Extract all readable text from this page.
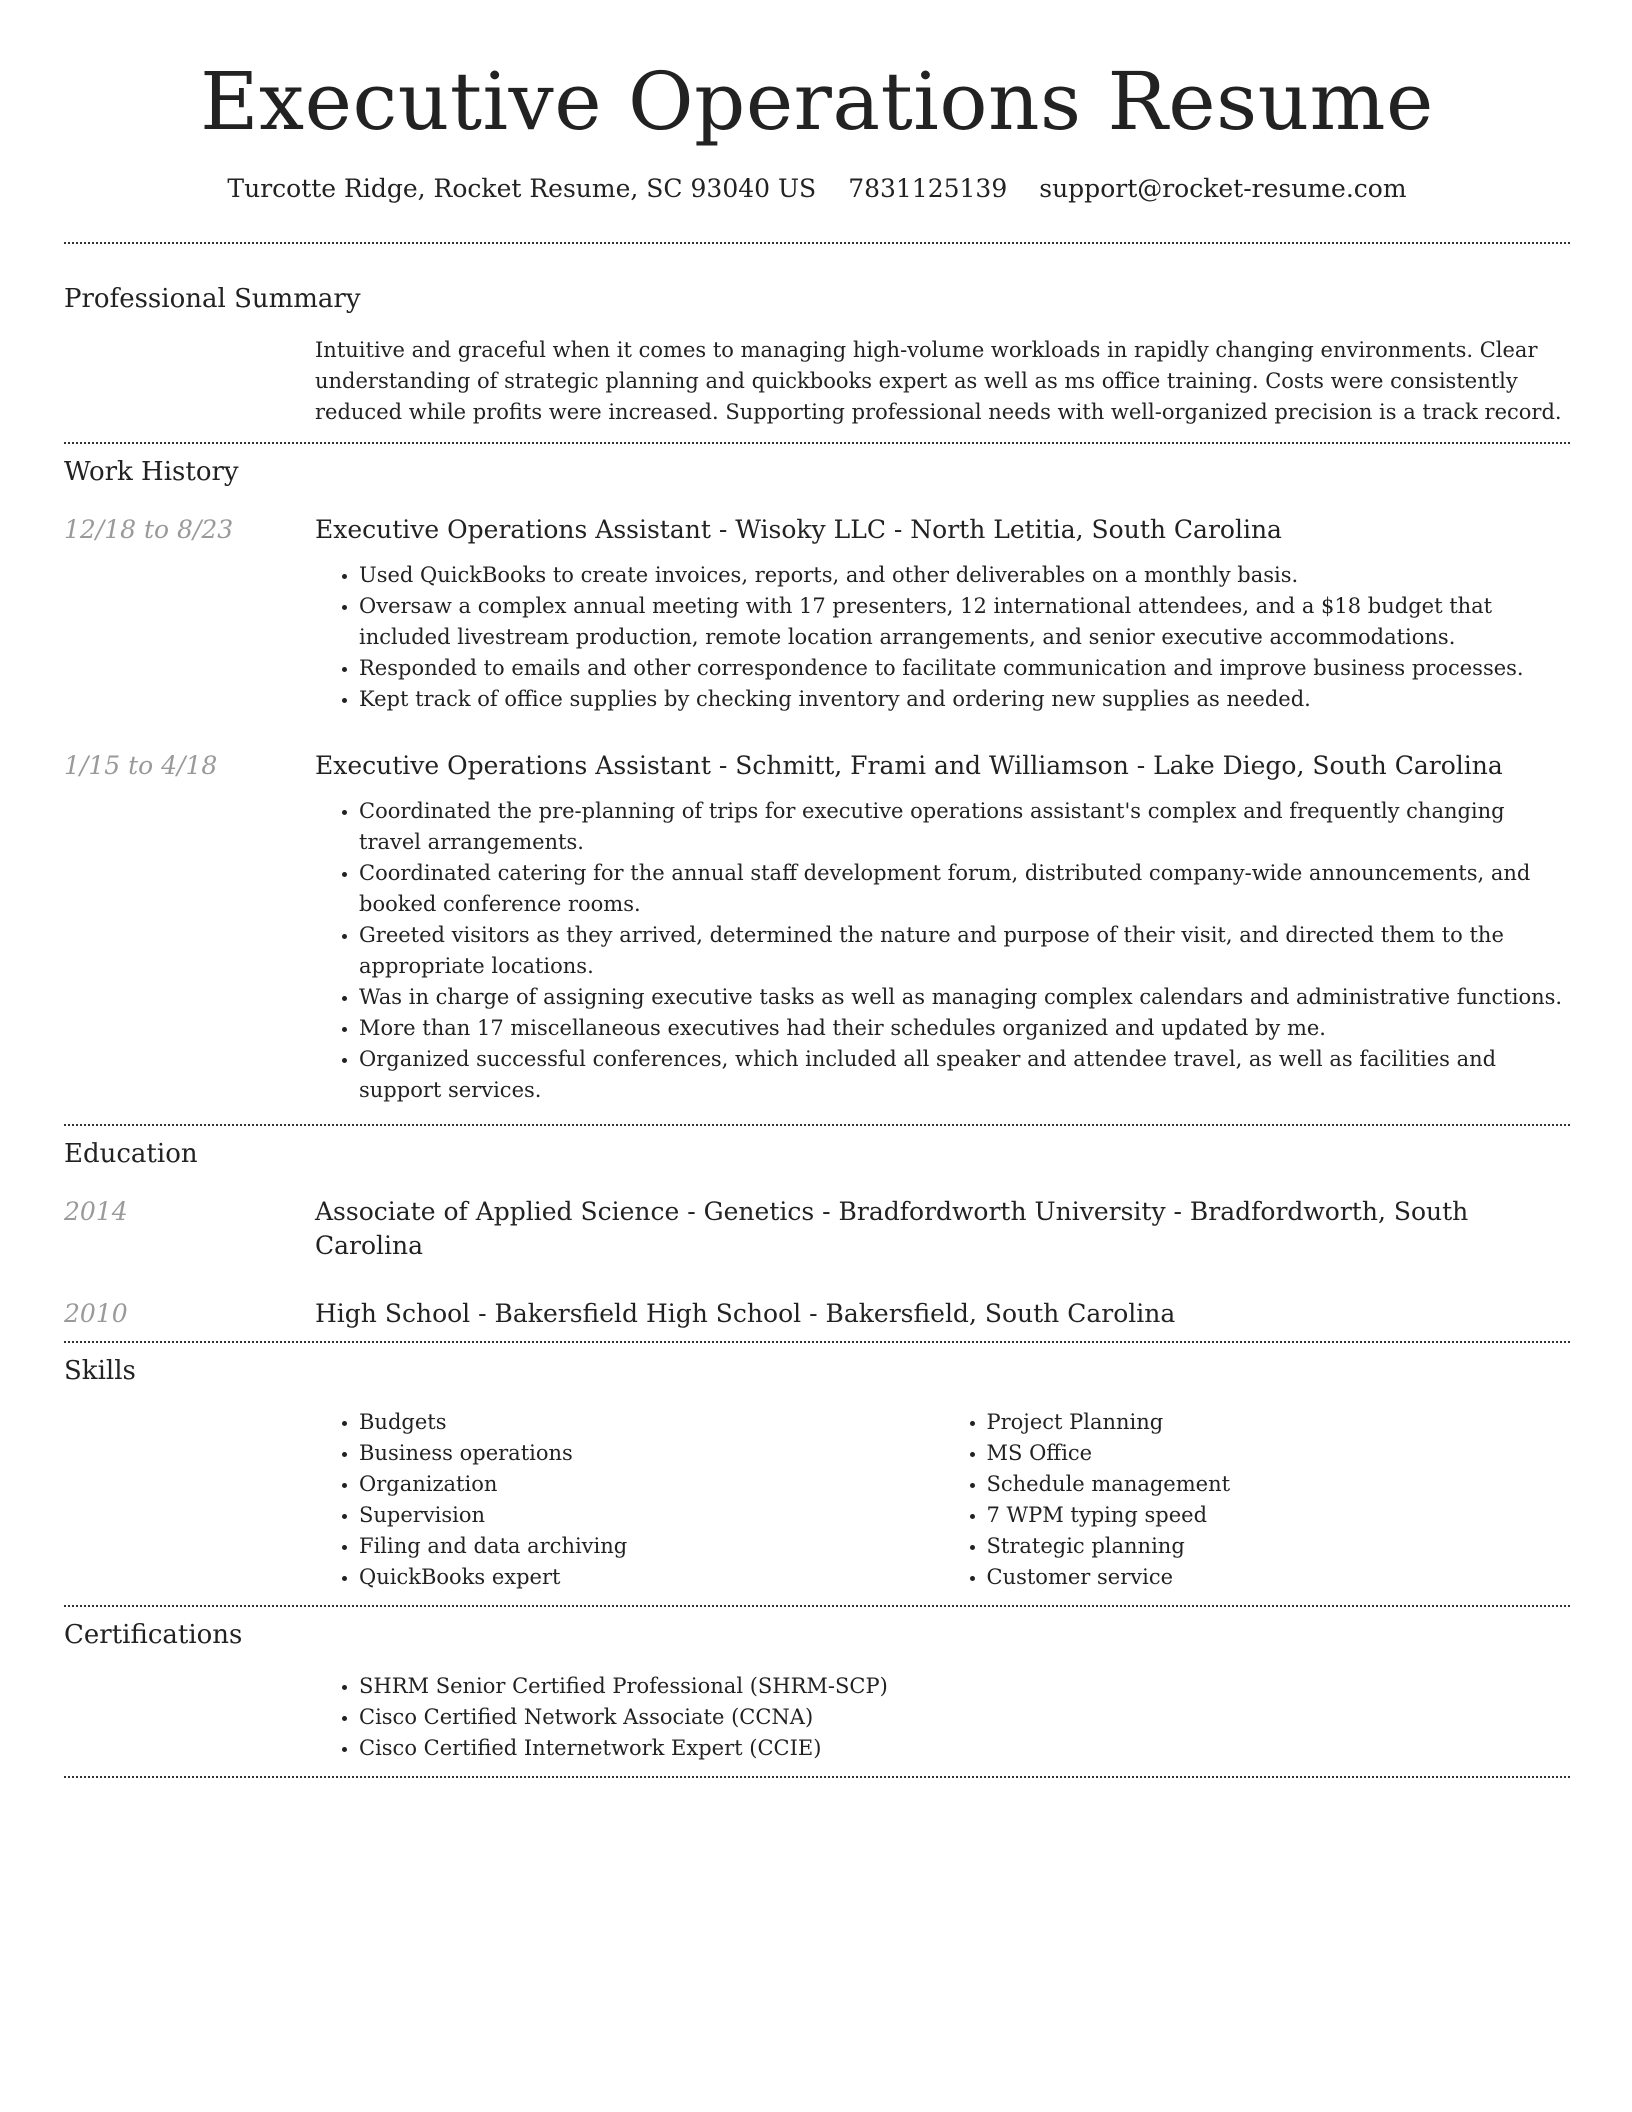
Executive Operations Resume
Turcotte Ridge, Rocket Resume, SC 93040 US 7831125139 support@rocket-resume.com
Professional Summary

Intuitive and graceful when it comes to managing high-volume workloads in rapidly changing environments. Clear understanding of strategic planning and quickbooks expert as well as ms office training. Costs were consistently reduced while profits were increased. Supporting professional needs with well-organized precision is a track record.

Work History
12/18 to 8/23	Executive Operations Assistant - Wisoky LLC - North Letitia, South Carolina
• Used QuickBooks to create invoices, reports, and other deliverables on a monthly basis.
• Oversaw a complex annual meeting with 17 presenters, 12 international attendees, and a $18 budget that included livestream production, remote location arrangements, and senior executive accommodations.
• Responded to emails and other correspondence to facilitate communication and improve business processes.
• Kept track of office supplies by checking inventory and ordering new supplies as needed.
1/15 to 4/18	Executive Operations Assistant - Schmitt, Frami and Williamson - Lake Diego, South Carolina
• Coordinated the pre-planning of trips for executive operations assistant's complex and frequently changing travel arrangements.
• Coordinated catering for the annual staff development forum, distributed company-wide announcements, and booked conference rooms.
• Greeted visitors as they arrived, determined the nature and purpose of their visit, and directed them to the appropriate locations.
• Was in charge of assigning executive tasks as well as managing complex calendars and administrative functions.
• More than 17 miscellaneous executives had their schedules organized and updated by me.
• Organized successful conferences, which included all speaker and attendee travel, as well as facilities and support services.
Education
2014	Associate of Applied Science - Genetics - Bradfordworth University - Bradfordworth, South Carolina
2010	High School - Bakersfield High School - Bakersfield, South Carolina
Skills
• Budgets
• Business operations
• Organization
• Supervision
• Filing and data archiving
• QuickBooks expert
• Project Planning
• MS Office
• Schedule management
• 7 WPM typing speed
• Strategic planning
• Customer service
Certifications
• SHRM Senior Certified Professional (SHRM-SCP)
• Cisco Certified Network Associate (CCNA)
• Cisco Certified Internetwork Expert (CCIE)
